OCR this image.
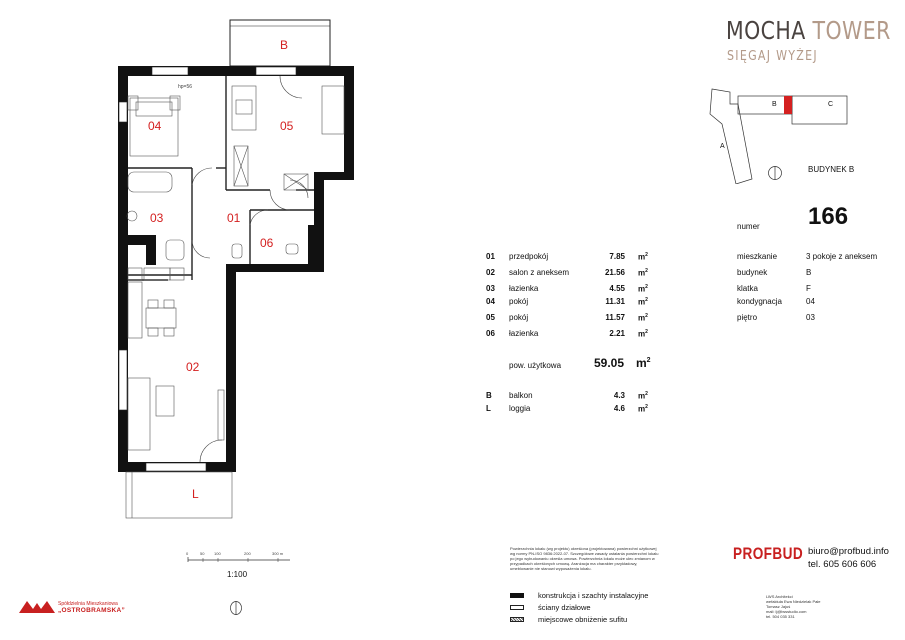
MOCHA TOWER
SIĘGAJ WYŻEJ
hp=56
B
04	05
03	01
06
02
L
A
B	C
BUDYNEK B
numer 166
mieszkanie	3 pokoje z aneksem
budynek	B
klatka	F
kondygnacja	04
piętro	03
01 przedpokój	7.85 $m^2$
02 salon z aneksem	21.56 $m^2$
03 łazienka	4.55 $m^2$
04 pokój	11.31 $m^2$
05 pokój	11.57 $m^2$
06 łazienka	2.21 $m^2$
pow. użytkowa	59.05 $m^2$
B balkon	4.3 $m^2$
L loggia	4.6 $m^2$
0	50 100	200	300 m
1:100
Spółdzielnia Mieszkaniowa
„OSTROBRAMSKA”
Powierzchnia lokalu (wg projektu) określona (projektowana) powierzchni użytkowej wg normy PN-ISO 9836:2022-07. Szczegółowe zasady ustalania powierzchni lokalu po jego wybudowaniu określa umowa. Powierzchnia lokalu może ulec zmianom w przypadkach określonych umową. Aranżacja ma charakter przykładowy, umeblowanie nie stanowi wyposażenia lokalu.
konstrukcja i szachty instalacyjne
ściany działowe
miejscowe obniżenie sufitu
PROFBUD biuro@profbud.info
tel. 605 606 606
LWS Architekci
wefaktuła Ewa Niedzielak Pałe
Tomasz Jajuś
mail: lj@lwsstudio.com
tel. 504 035 331
